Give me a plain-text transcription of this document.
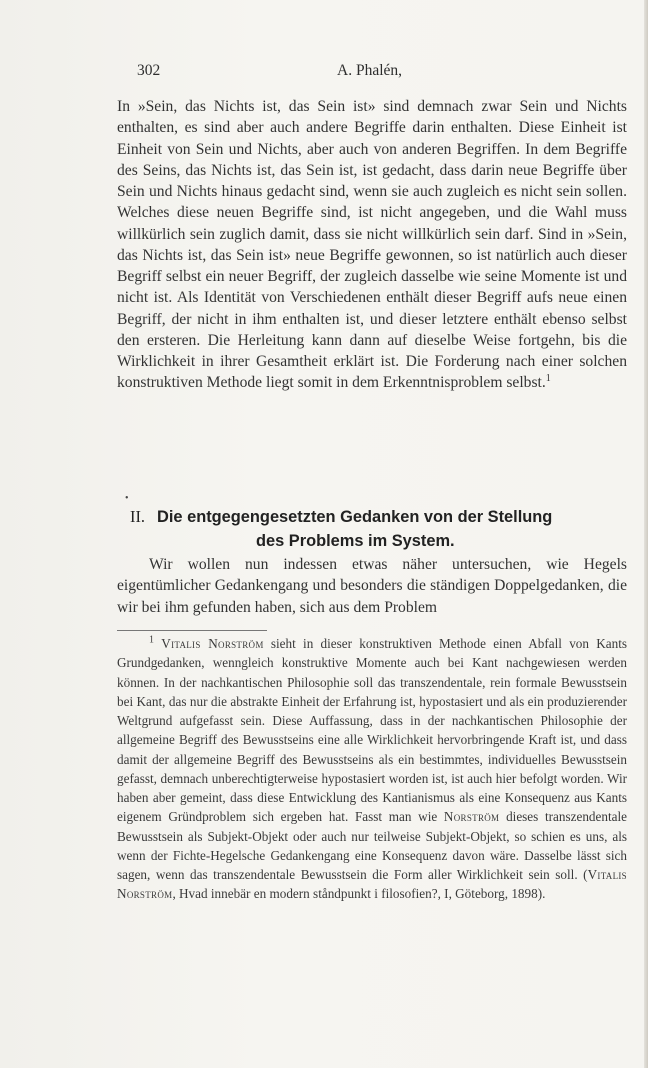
302	A. Phalén,

In »Sein, das Nichts ist, das Sein ist» sind demnach zwar Sein und Nichts enthalten, es sind aber auch andere Begriffe darin enthalten. Diese Einheit ist Einheit von Sein und Nichts, aber auch von anderen Begriffen. In dem Begriffe des Seins, das Nichts ist, das Sein ist, ist gedacht, dass darin neue Begriffe über Sein und Nichts hinaus gedacht sind, wenn sie auch zugleich es nicht sein sollen. Welches diese neuen Begriffe sind, ist nicht angegeben, und die Wahl muss willkürlich sein zuglich damit, dass sie nicht willkürlich sein darf. Sind in »Sein, das Nichts ist, das Sein ist» neue Begriffe gewonnen, so ist natürlich auch dieser Begriff selbst ein neuer Begriff, der zugleich dasselbe wie seine Momente ist und nicht ist. Als Identität von Verschiedenen enthält dieser Begriff aufs neue einen Begriff, der nicht in ihm enthalten ist, und dieser letztere enthält ebenso selbst den ersteren. Die Herleitung kann dann auf dieselbe Weise fortgehn, bis die Wirklichkeit in ihrer Gesamtheit erklärt ist. Die Forderung nach einer solchen konstruktiven Methode liegt somit in dem Erkenntnisproblem selbst.$^1$

•
II. Die entgegengesetzten Gedanken von der Stellung
des Problems im System.

Wir wollen nun indessen etwas näher untersuchen, wie Hegels eigentümlicher Gedankengang und besonders die ständigen Doppelgedanken, die wir bei ihm gefunden haben, sich aus dem Problem

$^1$ Vitalis Norström sieht in dieser konstruktiven Methode einen Abfall von Kants Grundgedanken, wenngleich konstruktive Momente auch bei Kant nachgewiesen werden können. In der nachkantischen Philosophie soll das transzendentale, rein formale Bewusstsein bei Kant, das nur die abstrakte Einheit der Erfahrung ist, hypostasiert und als ein produzierender Weltgrund aufgefasst sein. Diese Auffassung, dass in der nachkantischen Philosophie der allgemeine Begriff des Bewusstseins eine alle Wirklichkeit hervorbringende Kraft ist, und dass damit der allgemeine Begriff des Bewusstseins als ein bestimmtes, individuelles Bewusstsein gefasst, demnach unberechtigterweise hypostasiert worden ist, ist auch hier befolgt worden. Wir haben aber gemeint, dass diese Entwicklung des Kantianismus als eine Konsequenz aus Kants eigenem Gründproblem sich ergeben hat. Fasst man wie Norström dieses transzendentale Bewusstsein als Subjekt-Objekt oder auch nur teilweise Subjekt-Objekt, so schien es uns, als wenn der Fichte-Hegelsche Gedankengang eine Konsequenz davon wäre. Dasselbe lässt sich sagen, wenn das transzendentale Bewusstsein die Form aller Wirklichkeit sein soll. (Vitalis Norström, Hvad innebär en modern ståndpunkt i filosofien?, I, Göteborg, 1898).
